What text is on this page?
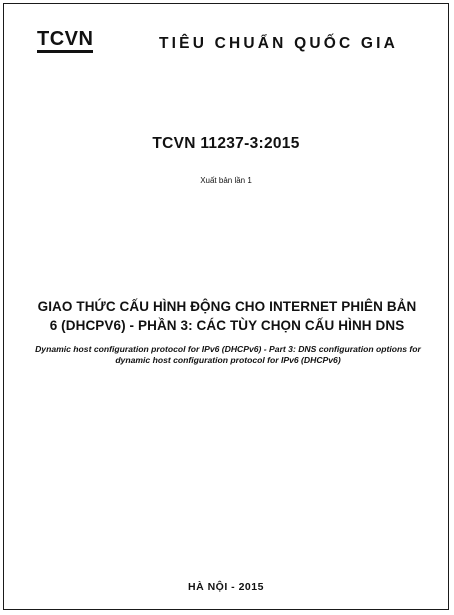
TCVN	TIÊU CHUẨN QUỐC GIA
TCVN 11237-3:2015
Xuất bản lần 1
GIAO THỨC CẤU HÌNH ĐỘNG CHO INTERNET PHIÊN BẢN
6 (DHCPV6) - PHẦN 3: CÁC TÙY CHỌN CẤU HÌNH DNS
Dynamic host configuration protocol for IPv6 (DHCPv6) - Part 3: DNS configuration options for
dynamic host configuration protocol for IPv6 (DHCPv6)
HÀ NỘI - 2015
